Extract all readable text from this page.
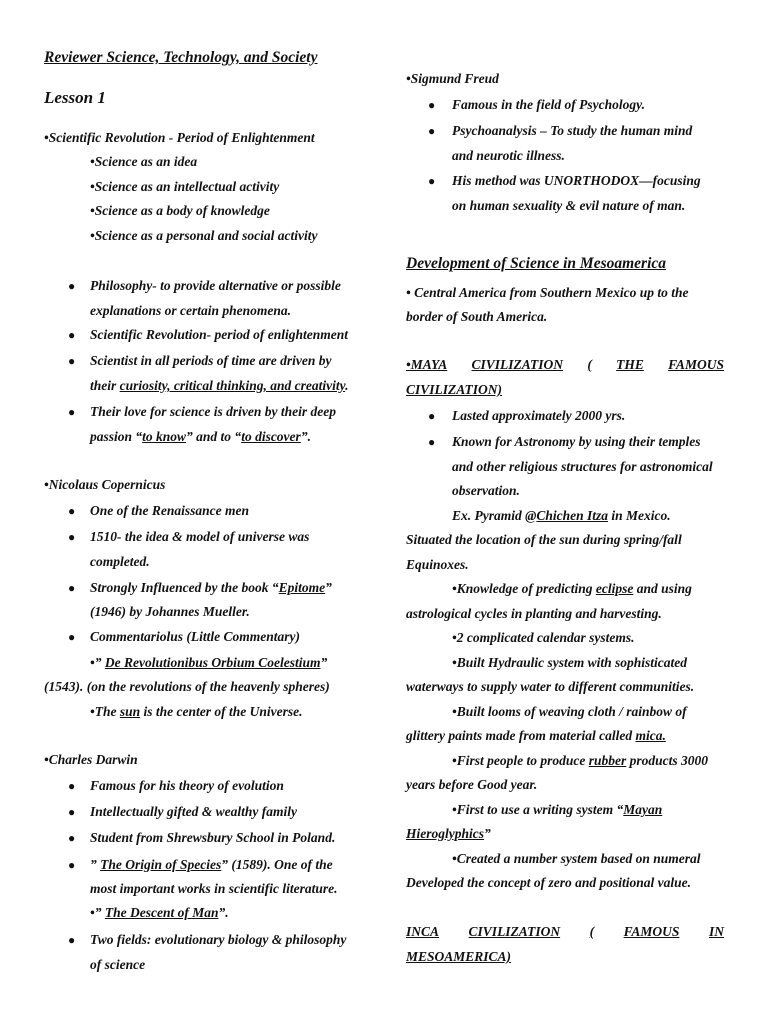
Reviewer Science, Technology, and Society
Lesson 1
•Scientific Revolution - Period of Enlightenment
•Science as an idea
•Science as an intellectual activity
•Science as a body of knowledge
•Science as a personal and social activity
● Philosophy- to provide alternative or possible
explanations or certain phenomena.
● Scientific Revolution- period of enlightenment
● Scientist in all periods of time are driven by
their curiosity, critical thinking, and creativity.
● Their love for science is driven by their deep
passion “to know” and to “to discover”.
•Nicolaus Copernicus
● One of the Renaissance men
● 1510- the idea & model of universe was
completed.
● Strongly Influenced by the book “Epitome”
(1946) by Johannes Mueller.
● Commentariolus (Little Commentary)
•” De Revolutionibus Orbium Coelestium”
(1543). (on the revolutions of the heavenly spheres)
•The sun is the center of the Universe.
•Charles Darwin
● Famous for his theory of evolution
● Intellectually gifted & wealthy family
● Student from Shrewsbury School in Poland.
● ” The Origin of Species” (1589). One of the
most important works in scientific literature.
•” The Descent of Man”.
● Two fields: evolutionary biology & philosophy
of science
•Sigmund Freud
● Famous in the field of Psychology.
● Psychoanalysis – To study the human mind
and neurotic illness.
● His method was UNORTHODOX—focusing
on human sexuality & evil nature of man.
Development of Science in Mesoamerica
• Central America from Southern Mexico up to the
border of South America.
•MAYA CIVILIZATION ( THE FAMOUS
CIVILIZATION)
● Lasted approximately 2000 yrs.
● Known for Astronomy by using their temples
and other religious structures for astronomical
observation.
Ex. Pyramid @Chichen Itza in Mexico.
Situated the location of the sun during spring/fall
Equinoxes.
•Knowledge of predicting eclipse and using
astrological cycles in planting and harvesting.
•2 complicated calendar systems.
•Built Hydraulic system with sophisticated
waterways to supply water to different communities.
•Built looms of weaving cloth / rainbow of
glittery paints made from material called mica.
•First people to produce rubber products 3000
years before Good year.
•First to use a writing system “Mayan
Hieroglyphics”
•Created a number system based on numeral
Developed the concept of zero and positional value.
INCA CIVILIZATION ( FAMOUS IN
MESOAMERICA)
